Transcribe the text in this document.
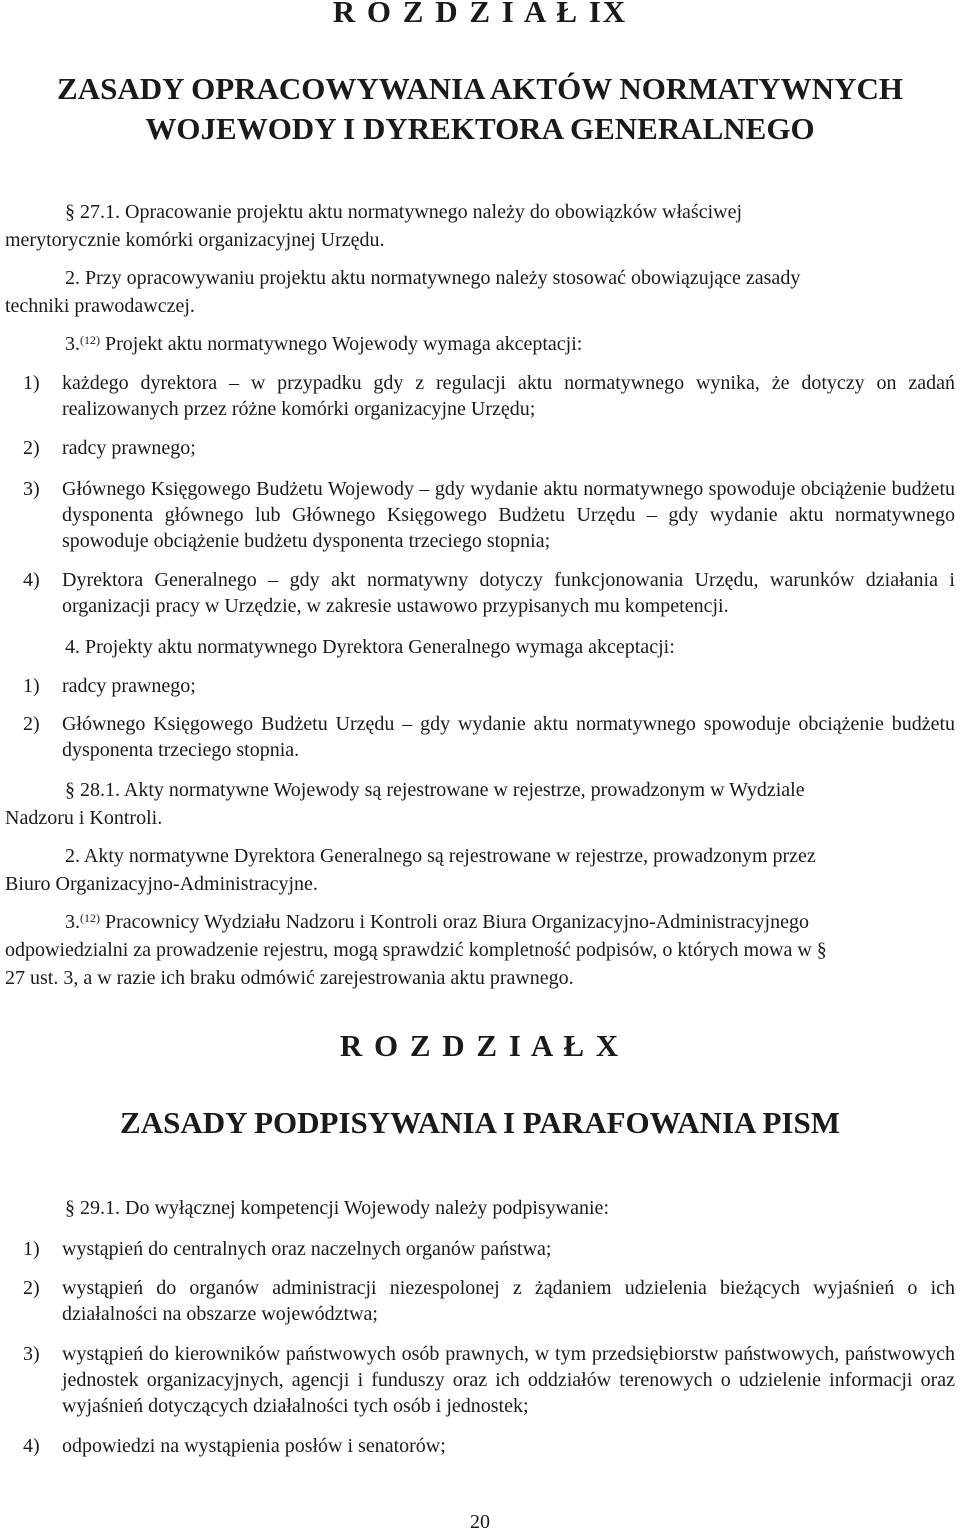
R O Z D Z I A Ł IX
ZASADY OPRACOWYWANIA AKTÓW NORMATYWNYCH
WOJEWODY I DYREKTORA GENERALNEGO
§ 27.1. Opracowanie projektu aktu normatywnego należy do obowiązków właściwej
merytorycznie komórki organizacyjnej Urzędu.
2. Przy opracowywaniu projektu aktu normatywnego należy stosować obowiązujące zasady
techniki prawodawczej.
3.$^{(12)}$ Projekt aktu normatywnego Wojewody wymaga akceptacji:
1) każdego dyrektora – w przypadku gdy z regulacji aktu normatywnego wynika, że dotyczy on zadań realizowanych przez różne komórki organizacyjne Urzędu;
2) radcy prawnego;
3) Głównego Księgowego Budżetu Wojewody – gdy wydanie aktu normatywnego spowoduje obciążenie budżetu dysponenta głównego lub Głównego Księgowego Budżetu Urzędu – gdy wydanie aktu normatywnego spowoduje obciążenie budżetu dysponenta trzeciego stopnia;
4) Dyrektora Generalnego – gdy akt normatywny dotyczy funkcjonowania Urzędu, warunków działania i organizacji pracy w Urzędzie, w zakresie ustawowo przypisanych mu kompetencji.
4. Projekty aktu normatywnego Dyrektora Generalnego wymaga akceptacji:
1) radcy prawnego;
2) Głównego Księgowego Budżetu Urzędu – gdy wydanie aktu normatywnego spowoduje obciążenie budżetu dysponenta trzeciego stopnia.
§ 28.1. Akty normatywne Wojewody są rejestrowane w rejestrze, prowadzonym w Wydziale
Nadzoru i Kontroli.
2. Akty normatywne Dyrektora Generalnego są rejestrowane w rejestrze, prowadzonym przez
Biuro Organizacyjno-Administracyjne.
3.$^{(12)}$ Pracownicy Wydziału Nadzoru i Kontroli oraz Biura Organizacyjno-Administracyjnego
odpowiedzialni za prowadzenie rejestru, mogą sprawdzić kompletność podpisów, o których mowa w §
27 ust. 3, a w razie ich braku odmówić zarejestrowania aktu prawnego.
R O Z D Z I A Ł X
ZASADY PODPISYWANIA I PARAFOWANIA PISM
§ 29.1. Do wyłącznej kompetencji Wojewody należy podpisywanie:
1) wystąpień do centralnych oraz naczelnych organów państwa;
2) wystąpień do organów administracji niezespolonej z żądaniem udzielenia bieżących wyjaśnień o ich działalności na obszarze województwa;
3) wystąpień do kierowników państwowych osób prawnych, w tym przedsiębiorstw państwowych, państwowych jednostek organizacyjnych, agencji i funduszy oraz ich oddziałów terenowych o udzielenie informacji oraz wyjaśnień dotyczących działalności tych osób i jednostek;
4) odpowiedzi na wystąpienia posłów i senatorów;
20
